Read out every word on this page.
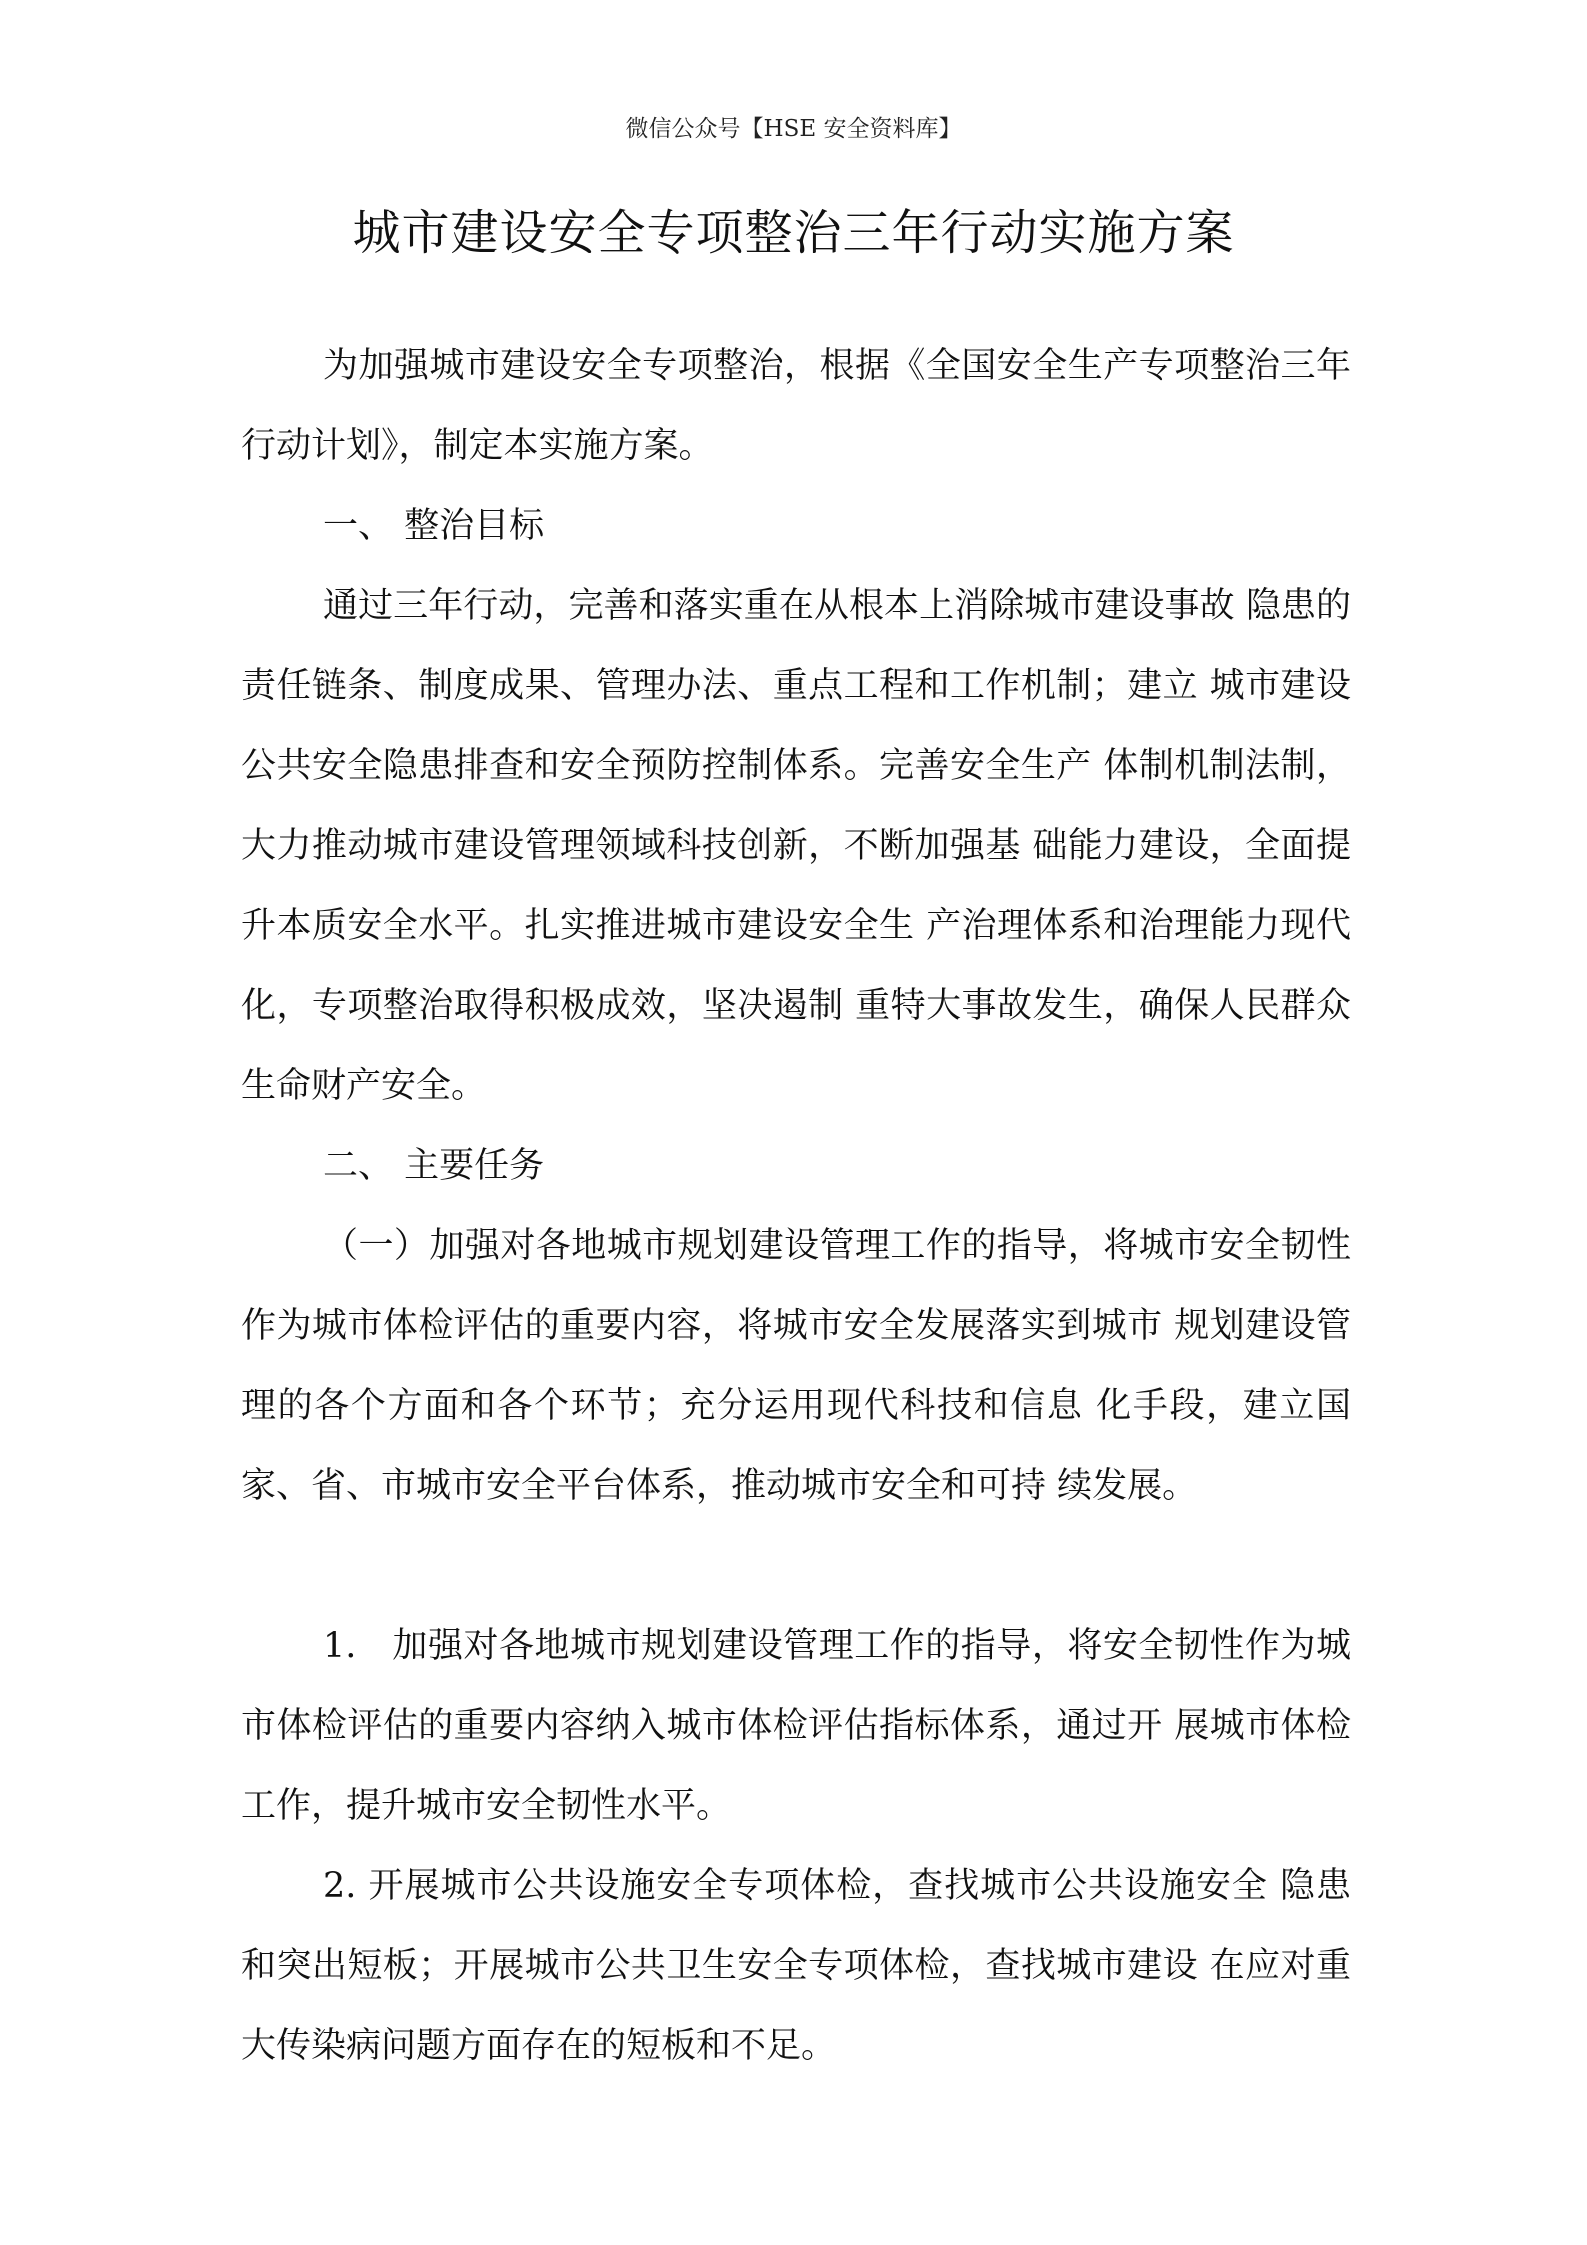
微信公众号【HSE 安全资料库】
城市建设安全专项整治三年行动实施方案
为加强城市建设安全专项整治，根据《全国安全生产专项整治三年行动计划》，制定本实施方案。
一、 整治目标
通过三年行动，完善和落实重在从根本上消除城市建设事故 隐患的责任链条、制度成果、管理办法、重点工程和工作机制；建立 城市建设公共安全隐患排查和安全预防控制体系。完善安全生产 体制机制法制，大力推动城市建设管理领域科技创新，不断加强基 础能力建设，全面提升本质安全水平。扎实推进城市建设安全生 产治理体系和治理能力现代化，专项整治取得积极成效，坚决遏制 重特大事故发生，确保人民群众生命财产安全。
二、 主要任务
（一）加强对各地城市规划建设管理工作的指导，将城市安全韧性作为城市体检评估的重要内容，将城市安全发展落实到城市 规划建设管理的各个方面和各个环节；充分运用现代科技和信息 化手段，建立国家、省、市城市安全平台体系，推动城市安全和可持 续发展。
1.　加强对各地城市规划建设管理工作的指导，将安全韧性作为城市体检评估的重要内容纳入城市体检评估指标体系，通过开 展城市体检工作，提升城市安全韧性水平。
2. 开展城市公共设施安全专项体检，查找城市公共设施安全 隐患和突出短板；开展城市公共卫生安全专项体检，查找城市建设 在应对重大传染病问题方面存在的短板和不足。
